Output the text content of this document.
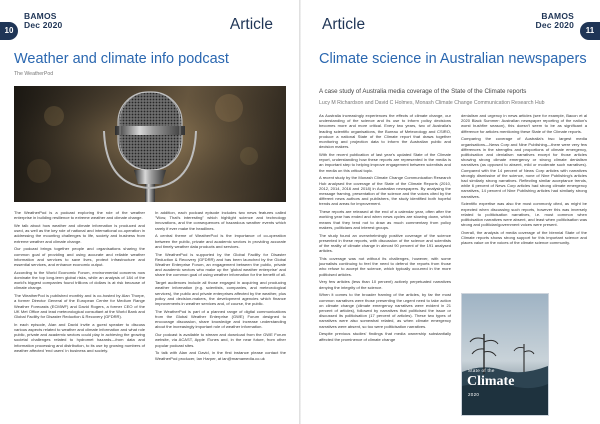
10
BAMOS
Dec 2020	Article
Weather and climate info podcast
The WeatherPod

The WeatherPod is a podcast exploring the role of the weather enterprise in building resilience to extreme weather and climate change.

We talk about how weather and climate information is produced and used, as well as the key role of national and international co-operation in addressing the mounting challenges to life, society and business from extreme weather and climate change.

Our podcast brings together people and organisations sharing the common goal of providing and using accurate and reliable weather information and services to save lives, protect infrastructure and essential services, and enhance economic output.

According to the World Economic Forum, environmental concerns now dominate the top long-term global risks, while an analysis of 184 of the world's biggest companies found trillions of dollars is at risk because of climate change.

The WeatherPod is published monthly and is co-hosted by Alan Thorpe, a former Director General of the European Centre for Medium Range Weather Forecasts (ECMWF) and David Rogers, a former CEO of the UK Met Office and lead meteorological consultant at the World Bank and Global Facility for Disaster Reduction & Recovery (GFDRR).

In each episode, Alan and David invite a guest speaker to discuss various aspects related to weather and climate information and what role public, private and academic sectors could play in achieving the growing societal challenges related to hydromet hazards—from data and information processing and distribution, to its use by growing numbers of weather affected 'end users' in business and society.

In addition, each podcast episode includes two news features called "Wow, That's interesting" which highlight science and technology innovations, and the consequences of hazardous weather events which rarely if ever make the headlines.

A central theme of WeatherPod is the importance of co-operation between the public, private and academic sectors in providing accurate and timely weather data products and services.

The WeatherPod is supported by the Global Facility for Disaster Reduction & Recovery (GFDRR) and has been launched by the Global Weather Enterprise Forum, an engagement between the public, private and academic sectors who make up the 'global weather enterprise' and share the common goal of using weather information for the benefit of all.

Target audiences include all those engaged in acquiring and producing weather information (e.g. scientists, companies, and meteorological services), the public and private enterprises affected by the weather, plus policy and decision-makers, the development agencies which finance improvements in weather services and, of course, the public.

The WeatherPod is part of a planned range of digital communications from the Global Weather Enterprise (GWE) Forum designed to encourage discussion, share knowledge and increase understanding about the increasingly important role of weather information.

Our podcast is available to stream and download from the GWE Forum website, via ACAST, Apple iTunes and, in the near future, from other popular podcast sites.

To talk with Alan and David, in the first instance please contact the WeatherPod producer, Ian Harper, at ian@mamamedia.co.uk

11
BAMOS
Dec 2020
Article
Climate science in Australian newspapers
A case study of Australia media coverage of the State of the Climate reports
Lucy M Richardson and David C Holmes, Monash Climate Change Communication Research Hub

As Australia increasingly experiences the effects of climate change, our understanding of the science and its use to inform policy decisions becomes more and more critical. Every two years, two of Australia's leading scientific organisations, the Bureau of Meteorology and CSIRO, produce a national State of the Climate report that draws together monitoring and projection data to inform the Australian public and decision makers.

With the recent publication of last year's updated State of the Climate report, understanding how these reports are represented in the media is an important step to helping improve engagement between scientists and the media on this critical topic.

A recent study by the Monash Climate Change Communication Research Hub analysed the coverage of the State of the Climate Reports (2010, 2012, 2014, 2016 and 2018) in Australian newspapers. By analysing the message framing, presentation of the science and the voices cited by the different news authors and publishers, the study identified both hopeful trends and areas for improvement.

These reports are released at the end of a calendar year, often after the working year has ended and when news cycles are slowing down, which means that they tend not to draw as much commentary from policy makers, politicians and interest groups.

The study found an overwhelmingly positive coverage of the science presented in these reports, with discussion of the science and scientists of the reality of climate change in almost 90 percent of the 191 analysed articles.

This coverage was not without its challenges, however, with some journalists continuing to feel the need to defend the reports from those who refuse to accept the science, which typically occurred in the more politicised articles.

Very few articles (less than 10 percent) actively perpetuated narratives denying the integrity of the science.

When it comes to the broader framing of the articles, by far the most common narratives were those presenting the urgent need to take action on climate change (climate emergency narratives were evident in 21 percent of articles), followed by narratives that politicised the issue or discussed its politicisation (17 percent of articles). These two types of narratives were also somewhat related, as when climate emergency narratives were absent, so too were politicisation narratives.

Despite previous studies' findings that media ownership substantially affected the prominence of climate change

denialism and urgency in news articles (see for example, Bacon et al 2020 Black Summer: Australian newspaper reporting of the nation's worst bushfire season), this doesn't seem to be as significant a difference for articles mentioning these State of the Climate reports.

Comparing the coverage of Australia's two largest media organisations—News Corp and Nine Publishing—there were very few differences in the strengths and proportions of climate emergency, politicisation and denialism narratives except for those articles showing strong climate emergency or strong climate denialism narratives (as opposed to absent, mild or moderate such narratives). Compared with the 14 percent of News Corp articles with narratives strongly dismissive of the science, none of Nine Publishing's articles had similarly strong narratives. Reflecting similar acceptance trends, while 6 percent of News Corp articles had strong climate emergency narratives, 14 percent of Nine Publishing articles had similarly strong narratives.

Scientific expertise was also the most commonly cited, as might be expected when discussing such reports, however this was inversely related to politicisation narratives, i.e. most common when politicisation narratives were absent, and least when politicisation was strong and politician/government voices were present.

Overall, the analysis of media coverage of the biennial State of the Climate reports shows strong support for this important science and places value on the voices of the climate science community.

State of the
Climate
2020
